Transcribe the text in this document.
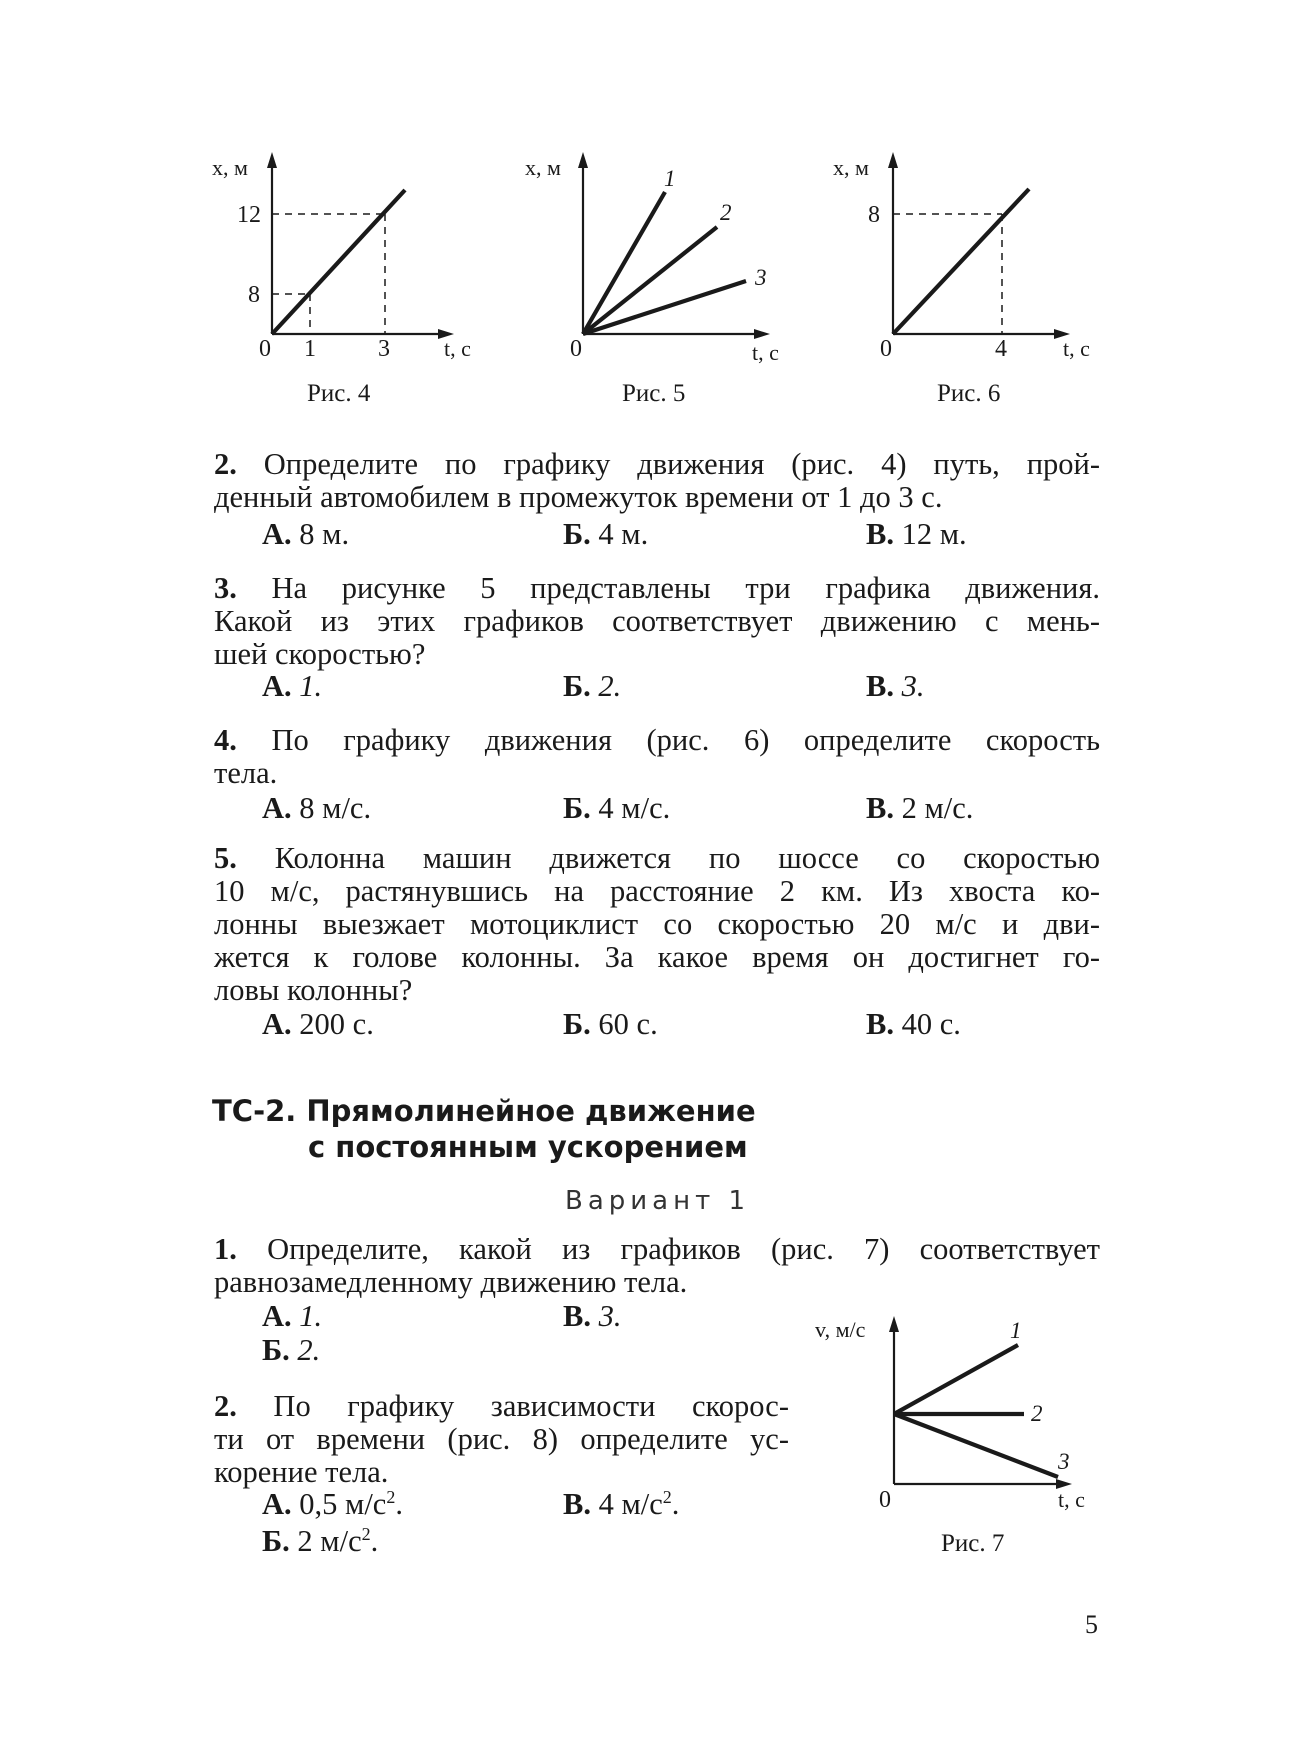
x, м
12
8
0 1	3 t, с
Рис. 4
x, м	1
2
3
0	t, с
Рис. 5
x, м
8
0	4	t, с
Рис. 6
2. Определите по графику движения (рис. 4) путь, прой-
денный автомобилем в промежуток времени от 1 до 3 с.
А. 8 м.	Б. 4 м.	В. 12 м.
3. На рисунке 5 представлены три графика движения.
Какой из этих графиков соответствует движению с мень-
шей скоростью?
А. 1.	Б. 2.	В. 3.
4. По графику движения (рис. 6) определите скорость
тела.
А. 8 м/с.	Б. 4 м/с.	В. 2 м/с.
5. Колонна машин движется по шоссе со скоростью
10 м/с, растянувшись на расстояние 2 км. Из хвоста ко-
лонны выезжает мотоциклист со скоростью 20 м/с и дви-
жется к голове колонны. За какое время он достигнет го-
ловы колонны?
А. 200 с.	Б. 60 с.	В. 40 с.
ТС-2. Прямолинейное движение
с постоянным ускорением
Вариант 1
1. Определите, какой из графиков (рис. 7) соответствует
равнозамедленному движению тела.
А. 1.	В. 3.
Б. 2.
2. По графику зависимости скорос-
ти от времени (рис. 8) определите ус-
корение тела.
А. 0,5 $м/с^2$.	В. 4 $м/с^2$.
Б. 2 $м/с^2$.
v, м/с	1
2
3
0	t, с
Рис. 7
5
